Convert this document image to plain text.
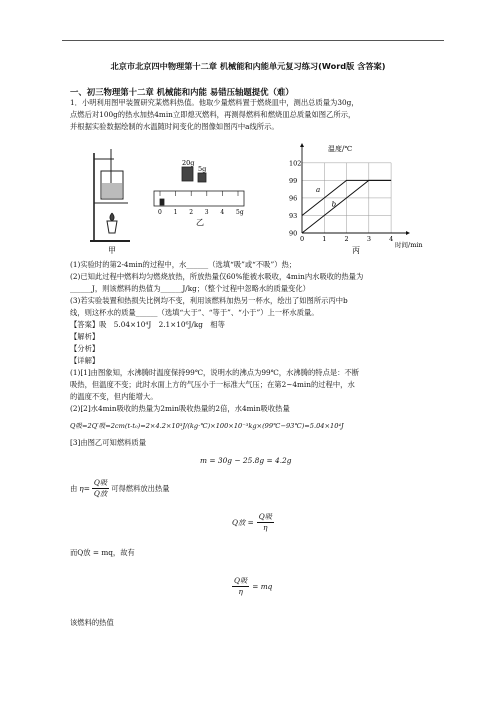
北京市北京四中物理第十二章 机械能和内能单元复习练习(Word版 含答案)
一、初三物理第十二章 机械能和内能 易错压轴题提优（难）
1．小明利用图甲装置研究某燃料热值。他取少量燃料置于燃烧皿中，测出总质量为30g，
点燃后对100g的热水加热4min立即熄灭燃料，再测得燃料和燃烧皿总质量如图乙所示，
并根据实验数据绘制的水温随时间变化的图像如图丙中a线所示。
甲
20g
5g
0 1 2 3 4 5g
乙
90
93
96
99
102
0	1	2	3	4
a
b
温度/℃
时间/min
丙
(1)实验时的第2-4min的过程中，水______（选填“吸”或“不吸”）热；
(2)已知此过程中燃料均匀燃烧放热，所放热量仅60%能被水吸收，4min内水吸收的热量为
______J，则该燃料的热值为______J/kg；（整个过程中忽略水的质量变化）
(3)若实验装置和热损失比例均不变，利用该燃料加热另一杯水，绘出了如图所示丙中b
线，则这杯水的质量______（选填“大于”、“等于”、“小于”）上一杯水质量。
【答案】吸　5.04×10⁴J　2.1×10⁶J/kg　相等
【解析】
【分析】
【详解】
(1)[1]由图象知，水沸腾时温度保持99℃，说明水的沸点为99℃，水沸腾的特点是：不断
吸热，但温度不变；此时水面上方的气压小于一标准大气压；在第2~4min的过程中，水
的温度不变，但内能增大。
(2)[2]水4min吸收的热量为2min吸收热量的2倍，水4min吸收热量
Q吸=2Q′吸=2cm(t-t₀)=2×4.2×10³J/(kg·℃)×100×10⁻³kg×(99℃−93℃)=5.04×10⁴J
[3]由图乙可知燃料质量
m = 30g − 25.8g = 4.2g
由 $\eta= \frac{\text{Q吸}}{\text{Q放}}$ 可得燃料放出热量
Q放 = $\frac{\text{Q吸}}{\eta}$
而Q放 = mq，故有
$\frac{\text{Q吸}}{\eta}$ = mq
该燃料的热值
